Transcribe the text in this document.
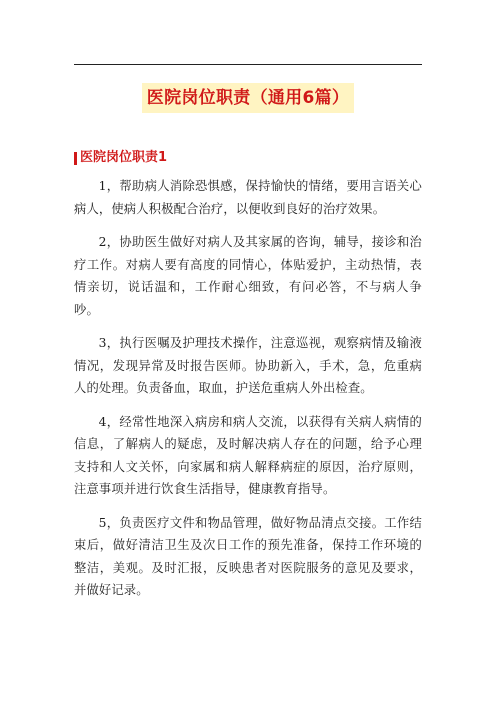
医院岗位职责（通用6篇）
医院岗位职责1

1，帮助病人消除恐惧感，保持愉快的情绪，要用言语关心病人，使病人积极配合治疗，以便收到良好的治疗效果。

2，协助医生做好对病人及其家属的咨询，辅导，接诊和治疗工作。对病人要有高度的同情心，体贴爱护，主动热情，表情亲切，说话温和，工作耐心细致，有问必答，不与病人争吵。

3，执行医嘱及护理技术操作，注意巡视，观察病情及输液情况，发现异常及时报告医师。协助新入，手术，急，危重病人的处理。负责备血，取血，护送危重病人外出检查。

4，经常性地深入病房和病人交流，以获得有关病人病情的信息，了解病人的疑虑，及时解决病人存在的问题，给予心理支持和人文关怀，向家属和病人解释病症的原因，治疗原则，注意事项并进行饮食生活指导，健康教育指导。

5，负责医疗文件和物品管理，做好物品清点交接。工作结束后，做好清洁卫生及次日工作的预先准备，保持工作环境的整洁，美观。及时汇报，反映患者对医院服务的意见及要求，并做好记录。
